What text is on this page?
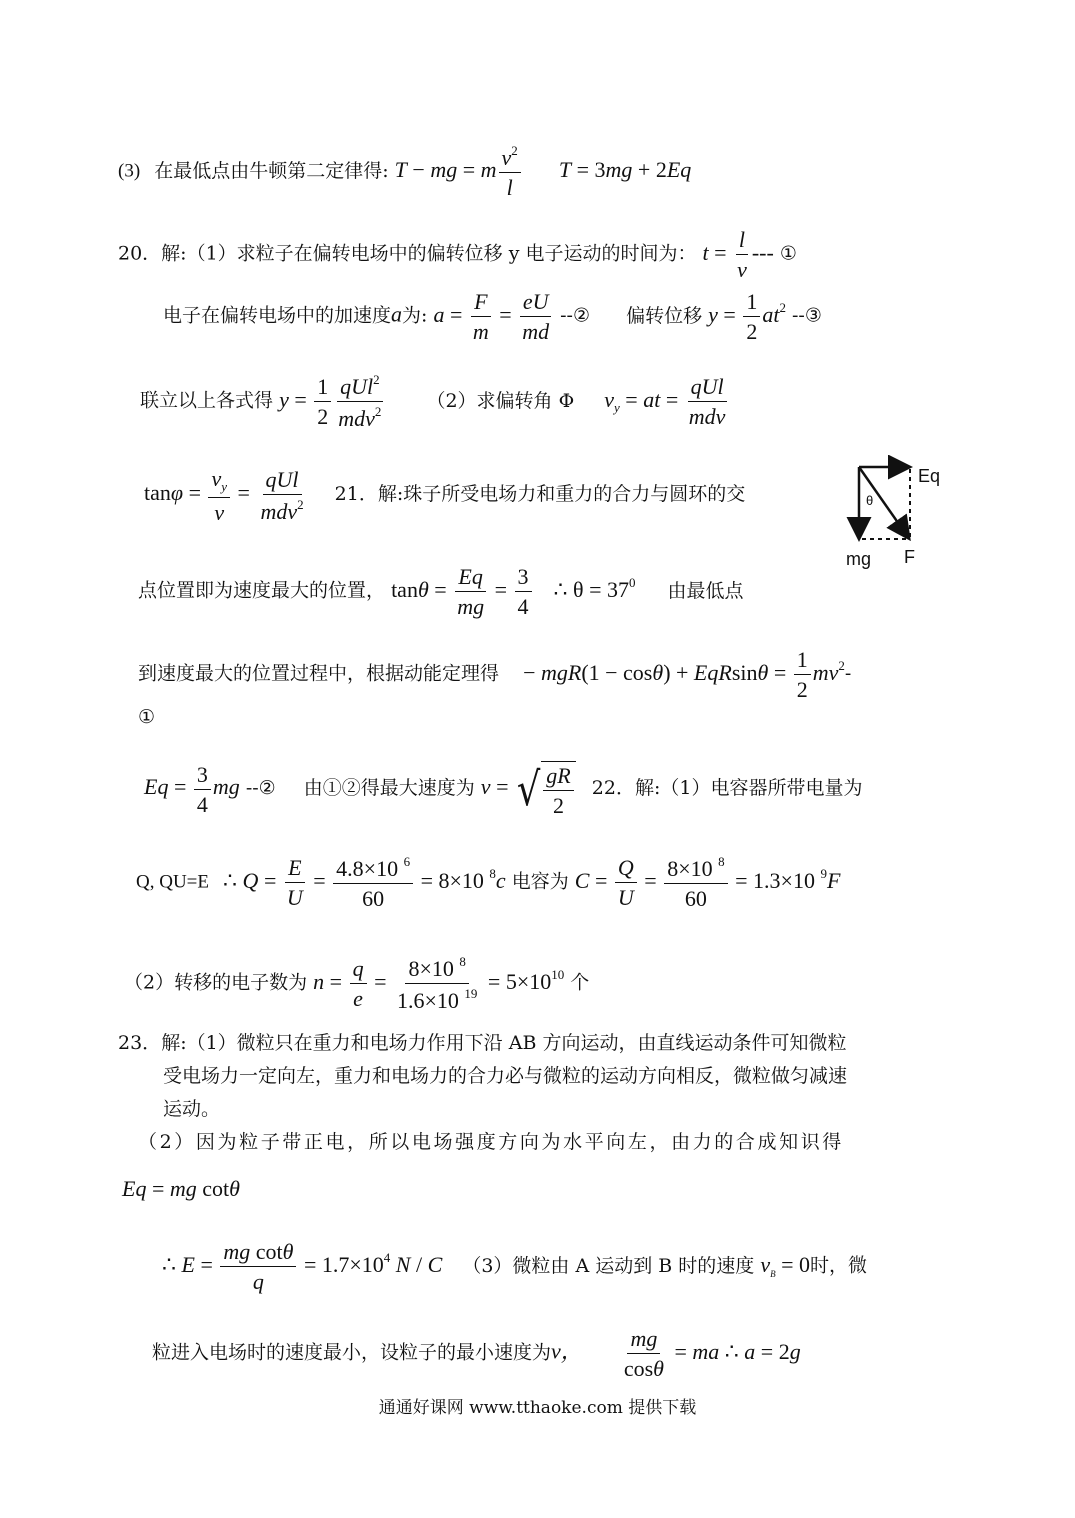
(3) 在最低点由牛顿第二定律得: T − mg = m $\frac{v^2}{l}$ T = 3mg + 2Eq
20．解:（1）求粒子在偏转电场中的偏转位移 y 电子运动的时间为： $t = \frac{l}{v}$ --- ①
电子在偏转电场中的加速度a为: $a = \frac{F}{m} = \frac{eU}{md}$ --② 偏转位移 $y = \frac{1}{2} at^2$ --③
联立以上各式得 $y = \frac{1}{2} \frac{qUl^2}{mdv^2} (2)$求偏转角 Φ $v_y$ = at = $\frac{\text{qUl}}{\text{mdv}}$
$\tan\varphi = \frac{v_y}{v} = \frac{\text{qUl}}{mdv^2} 21$．解:珠子所受电场力和重力的合力与圆环的交
Eq
θ
mg F
点位置即为速度最大的位置， $\tan\theta = \frac{Eq}{mg} = \frac{3}{4}$ ∴ $\theta = 37^0$ 由最低点
到速度最大的位置过程中，根据动能定理得 − $mgR(1 - \cos\theta) + EqRsin\theta = \frac{1}{2} mv^2-$
①
$Eq = \frac{3}{4}$ mg --② 由①②得最大速度为 v = √ $\frac{gR}{2} 22$．解:（1）电容器所带电量为
Q, QU=E ∴ $Q = \frac{E}{U} = \frac{4.8\times 10 ^6}{60} = 8\times 10$ $^8$c 电容为 $C = \frac{Q}{U} = \frac{8\times 10 ^8}{60} = 1.3\times 10$ $^9$F
（2）转移的电子数为 $n = \frac{q}{e} = \frac{8\times 10 ^8}{1.6\times 10 ^{19}} = 5\times 10^{10}$ 个
23．解:（1）微粒只在重力和电场力作用下沿 AB 方向运动，由直线运动条件可知微粒
受电场力一定向左，重力和电场力的合力必与微粒的运动方向相反，微粒做匀减速
运动。
（2）因为粒子带正电，所以电场强度方向为水平向左，由力的合成知识得
Eq = mg cotθ
∴ $E = \frac{\text{mg cotθ}}{q} = 1.7\times 10^4$ N / C （3）微粒由 A 运动到 B 时的速度 $v_B = 0$时，微
粒进入电场时的速度最小，设粒子的最小速度为v， $\frac{mg}{\cos\theta}$ = ma ∴ a = 2g
通通好课网 www.tthaoke.com 提供下载
